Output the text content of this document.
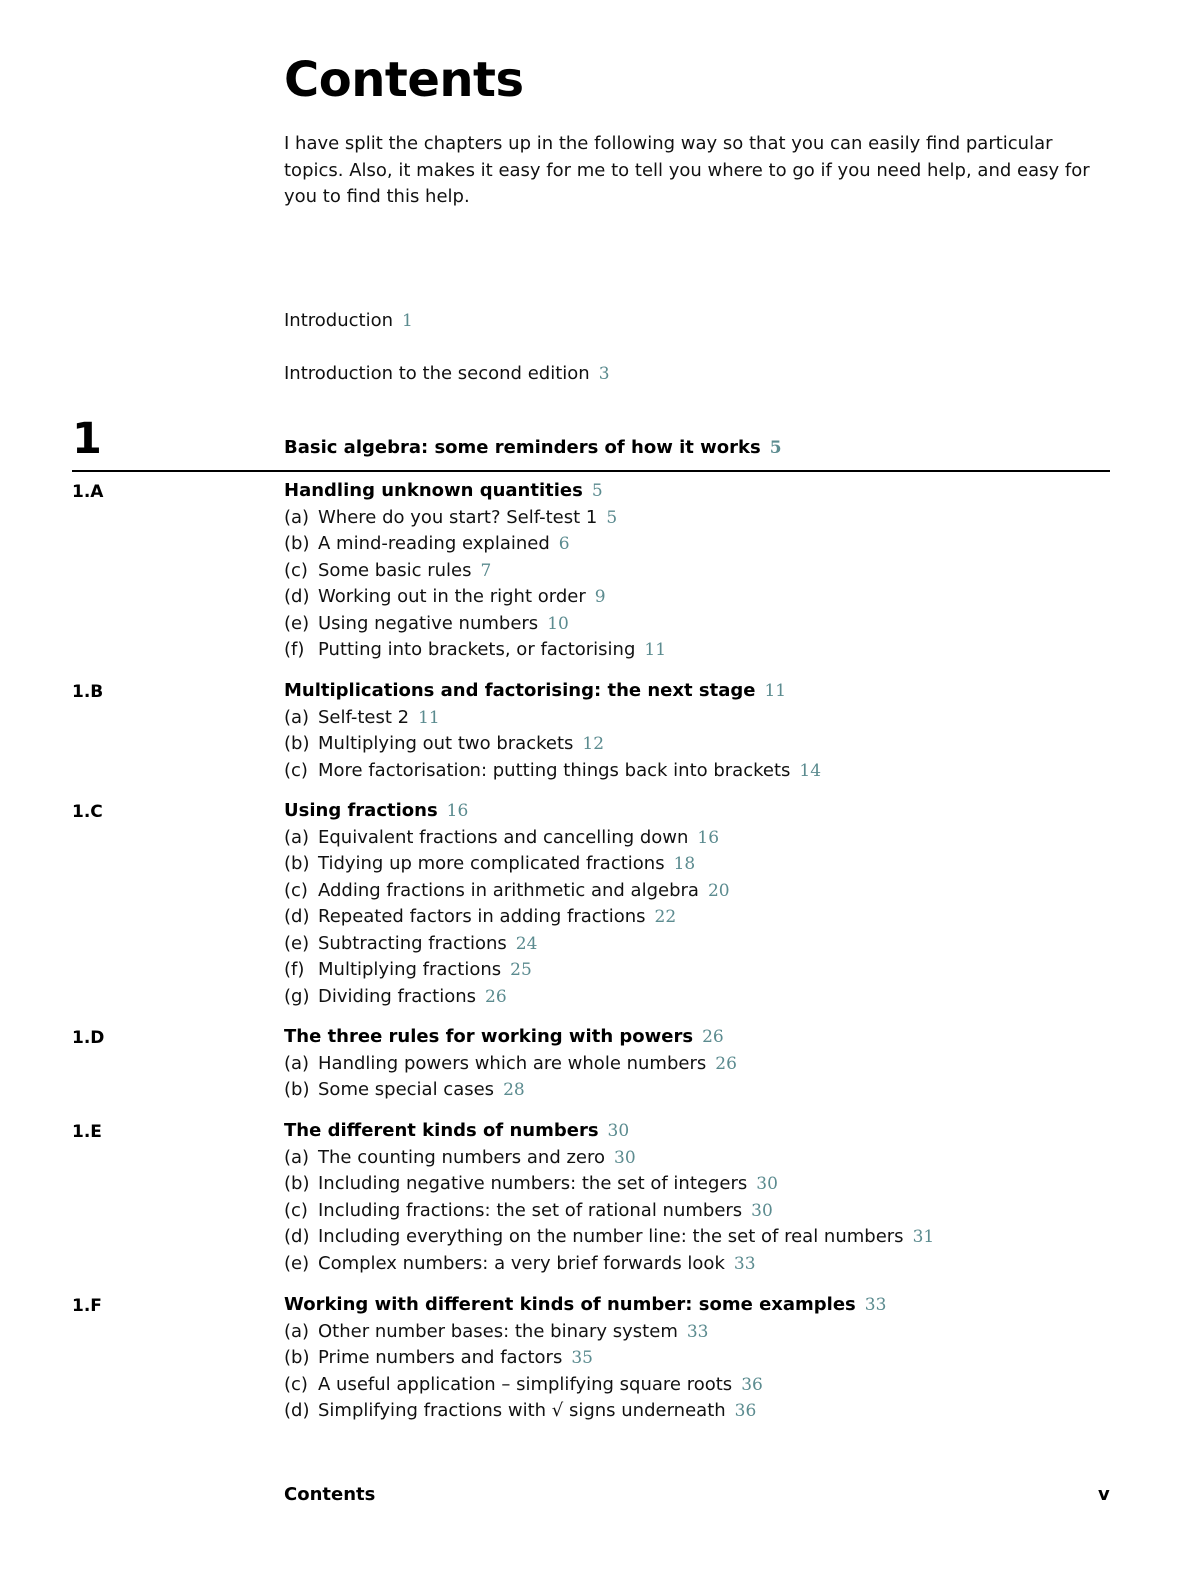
Contents

I have split the chapters up in the following way so that you can easily find particular topics. Also, it makes it easy for me to tell you where to go if you need help, and easy for you to find this help.

Introduction 1

Introduction to the second edition 3

1	Basic algebra: some reminders of how it works 5

1.A	Handling unknown quantities 5

(a) Where do you start? Self-test 1 5
(b) A mind-reading explained 6
(c) Some basic rules 7
(d) Working out in the right order 9
(e) Using negative numbers 10
(f) Putting into brackets, or factorising 11

1.B	Multiplications and factorising: the next stage 11

(a) Self-test 2 11
(b) Multiplying out two brackets 12
(c) More factorisation: putting things back into brackets 14

1.C	Using fractions 16

(a) Equivalent fractions and cancelling down 16
(b) Tidying up more complicated fractions 18
(c) Adding fractions in arithmetic and algebra 20
(d) Repeated factors in adding fractions 22
(e) Subtracting fractions 24
(f) Multiplying fractions 25
(g) Dividing fractions 26

1.D	The three rules for working with powers 26

(a) Handling powers which are whole numbers 26
(b) Some special cases 28

1.E	The different kinds of numbers 30

(a) The counting numbers and zero 30
(b) Including negative numbers: the set of integers 30
(c) Including fractions: the set of rational numbers 30
(d) Including everything on the number line: the set of real numbers 31
(e) Complex numbers: a very brief forwards look 33

1.F	Working with different kinds of number: some examples 33

(a) Other number bases: the binary system 33
(b) Prime numbers and factors 35
(c) A useful application – simplifying square roots 36
(d) Simplifying fractions with √ signs underneath 36

Contents	v
